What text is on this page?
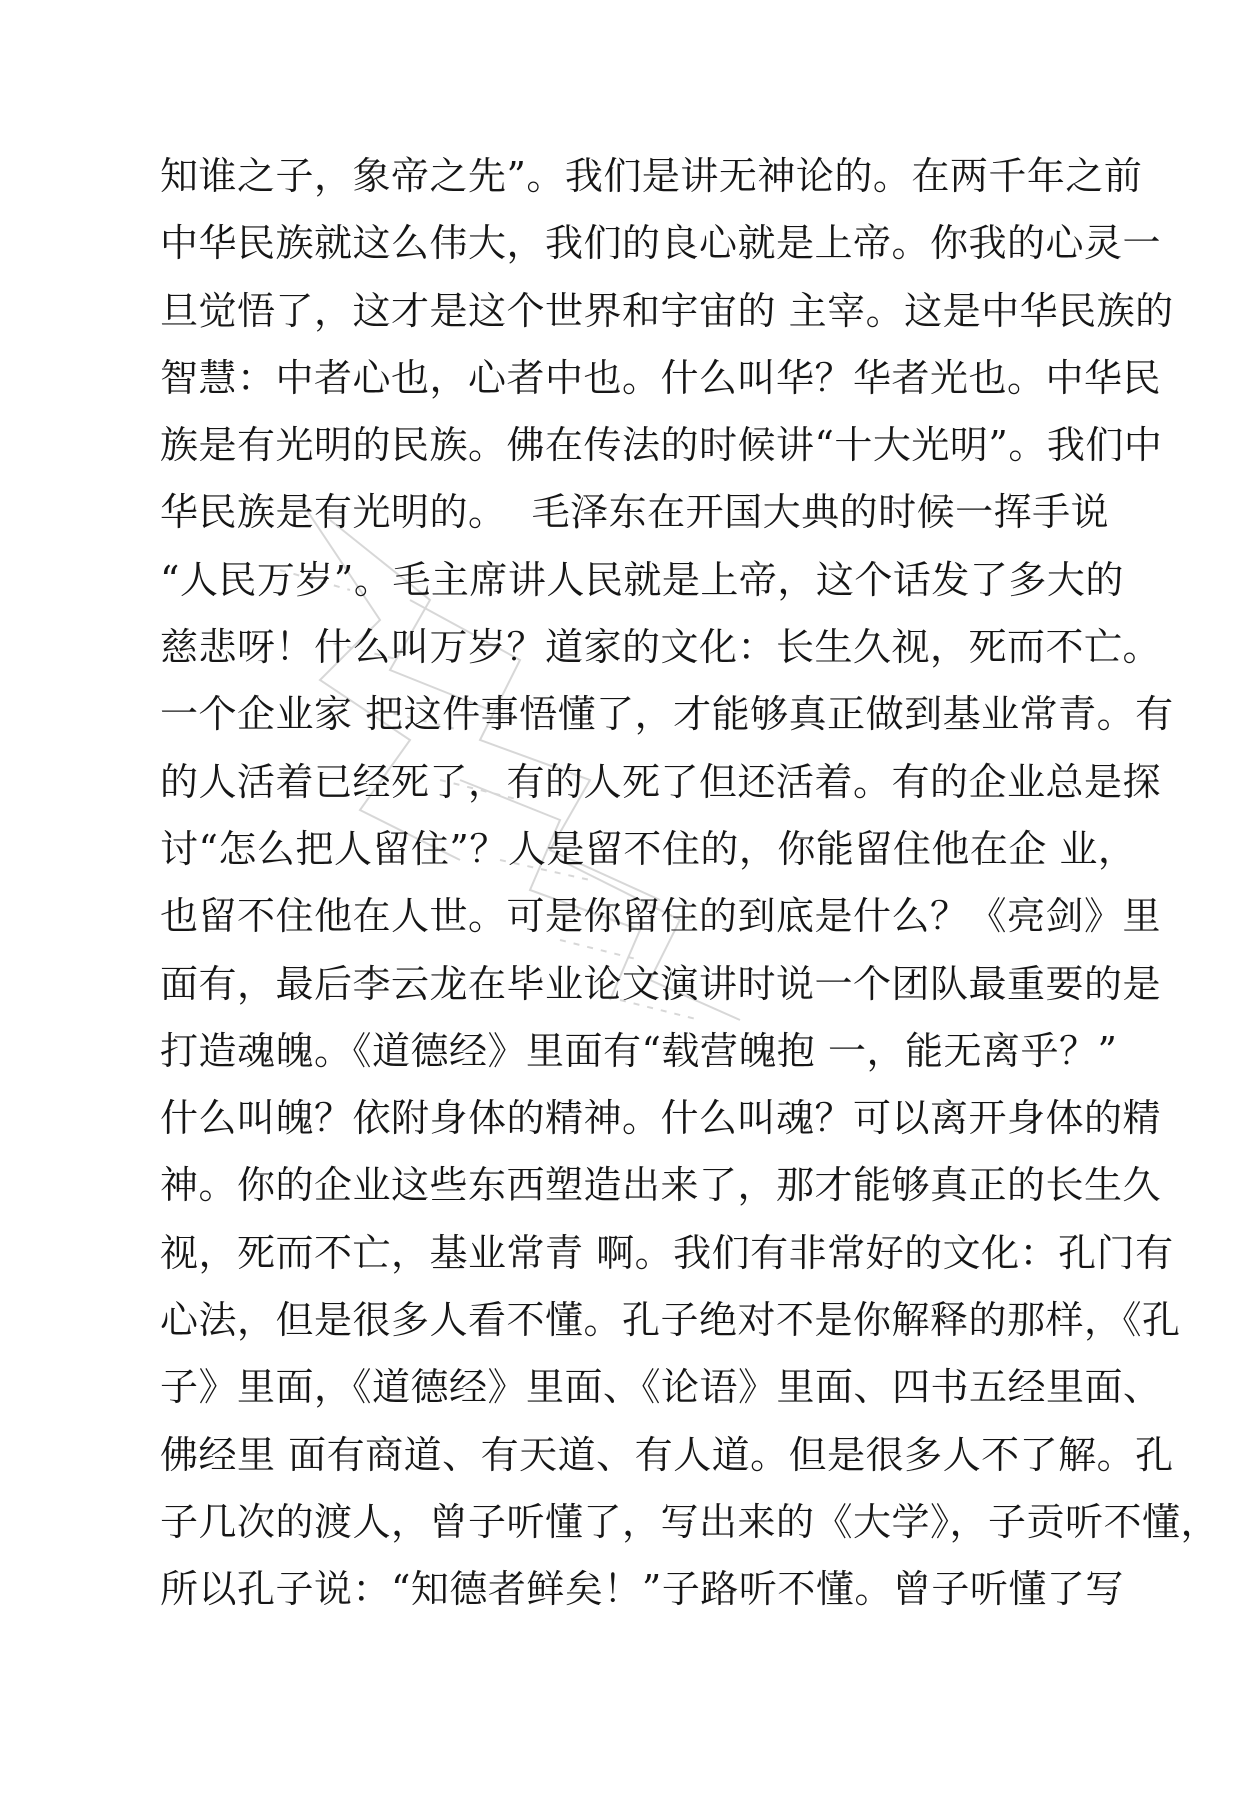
知谁之子，象帝之先”。我们是讲无神论的。在两千年之前
中华民族就这么伟大，我们的良心就是上帝。你我的心灵一
旦觉悟了，这才是这个世界和宇宙的 主宰。这是中华民族的
智慧：中者心也，心者中也。什么叫华？华者光也。中华民
族是有光明的民族。佛在传法的时候讲“十大光明”。我们中
华民族是有光明的。  毛泽东在开国大典的时候一挥手说
“人民万岁”。毛主席讲人民就是上帝，这个话发了多大的
慈悲呀！什么叫万岁？道家的文化：长生久视，死而不亡。
一个企业家 把这件事悟懂了，才能够真正做到基业常青。有
的人活着已经死了，有的人死了但还活着。有的企业总是探
讨“怎么把人留住”？人是留不住的，你能留住他在企 业，
也留不住他在人世。可是你留住的到底是什么？《亮剑》里
面有，最后李云龙在毕业论文演讲时说一个团队最重要的是
打造魂魄。《道德经》里面有“载营魄抱 一，能无离乎？”
什么叫魄？依附身体的精神。什么叫魂？可以离开身体的精
神。你的企业这些东西塑造出来了，那才能够真正的长生久
视，死而不亡，基业常青 啊。我们有非常好的文化：孔门有
心法，但是很多人看不懂。孔子绝对不是你解释的那样，《孔
子》里面，《道德经》里面、《论语》里面、四书五经里面、
佛经里 面有商道、有天道、有人道。但是很多人不了解。孔
子几次的渡人，曾子听懂了，写出来的《大学》，子贡听不懂，
所以孔子说：“知德者鲜矣！”子路听不懂。曾子听懂了写
